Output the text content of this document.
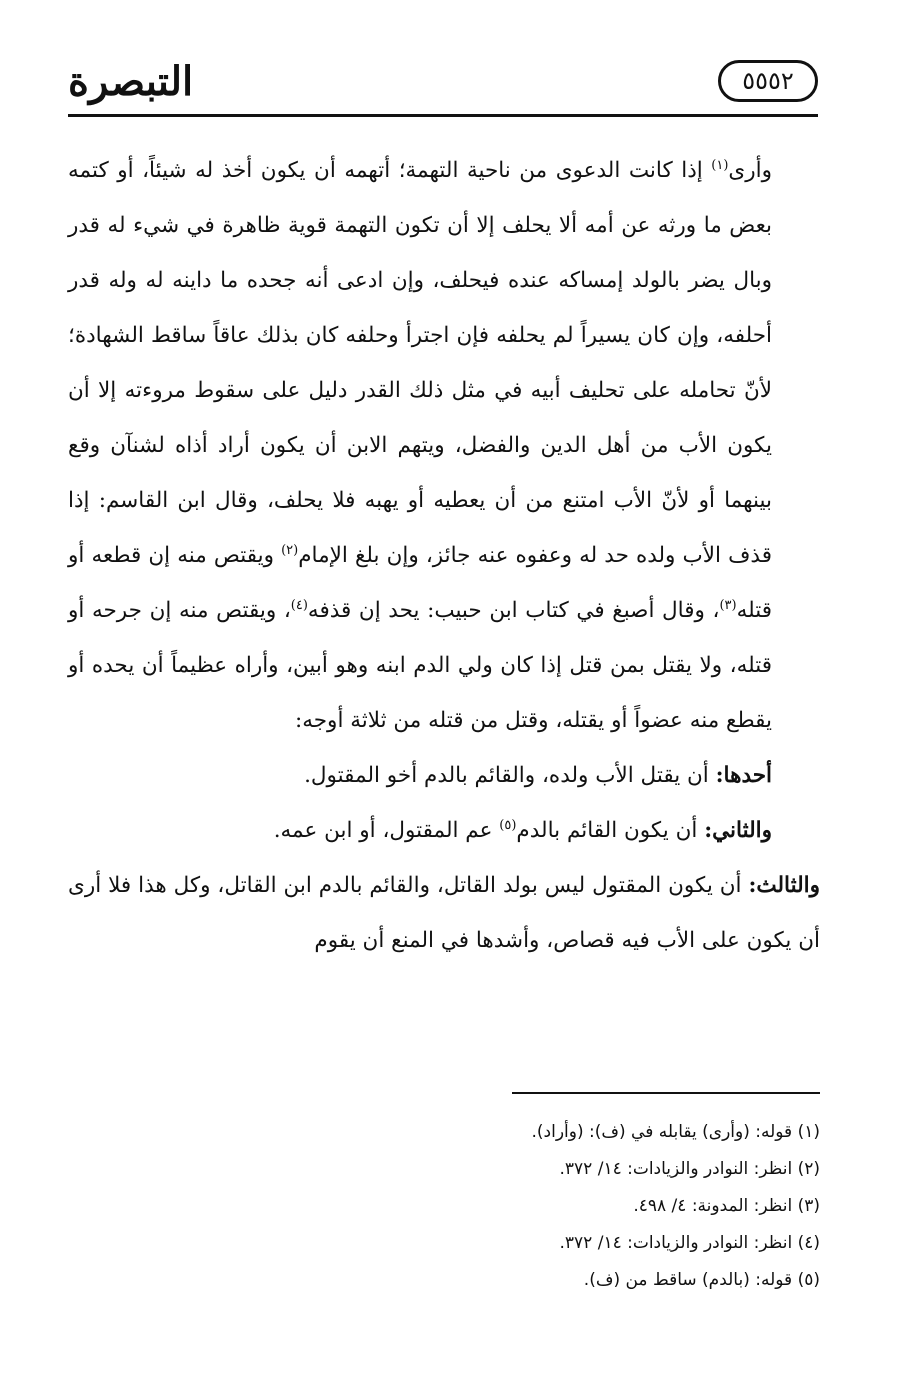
التبصرة	٥٥٥٢

وأرى$^{(١)}$ إذا كانت الدعوى من ناحية التهمة؛ أتهمه أن يكون أخذ له شيئاً، أو كتمه بعض ما ورثه عن أمه ألا يحلف إلا أن تكون التهمة قوية ظاهرة في شيء له قدر وبال يضر بالولد إمساكه عنده فيحلف، وإن ادعى أنه جحده ما داينه له وله قدر أحلفه، وإن كان يسيراً لم يحلفه فإن اجترأ وحلفه كان بذلك عاقاً ساقط الشهادة؛ لأنّ تحامله على تحليف أبيه في مثل ذلك القدر دليل على سقوط مروءته إلا أن يكون الأب من أهل الدين والفضل، ويتهم الابن أن يكون أراد أذاه لشنآن وقع بينهما أو لأنّ الأب امتنع من أن يعطيه أو يهبه فلا يحلف، وقال ابن القاسم: إذا قذف الأب ولده حد له وعفوه عنه جائز، وإن بلغ الإمام$^{(٢)}$ ويقتص منه إن قطعه أو قتله$^{(٣)}$، وقال أصبغ في كتاب ابن حبيب: يحد إن قذفه$^{(٤)}$، ويقتص منه إن جرحه أو قتله، ولا يقتل بمن قتل إذا كان ولي الدم ابنه وهو أبين، وأراه عظيماً أن يحده أو يقطع منه عضواً أو يقتله، وقتل من قتله من ثلاثة أوجه:

أحدها: أن يقتل الأب ولده، والقائم بالدم أخو المقتول.

والثاني: أن يكون القائم بالدم$^{(٥)}$ عم المقتول، أو ابن عمه.

والثالث: أن يكون المقتول ليس بولد القاتل، والقائم بالدم ابن القاتل، وكل هذا فلا أرى أن يكون على الأب فيه قصاص، وأشدها في المنع أن يقوم

(١) قوله: (وأرى) يقابله في (ف): (وأراد).

(٢) انظر: النوادر والزيادات: ١٤/ ٣٧٢.

(٣) انظر: المدونة: ٤/ ٤٩٨.

(٤) انظر: النوادر والزيادات: ١٤/ ٣٧٢.

(٥) قوله: (بالدم) ساقط من (ف).
